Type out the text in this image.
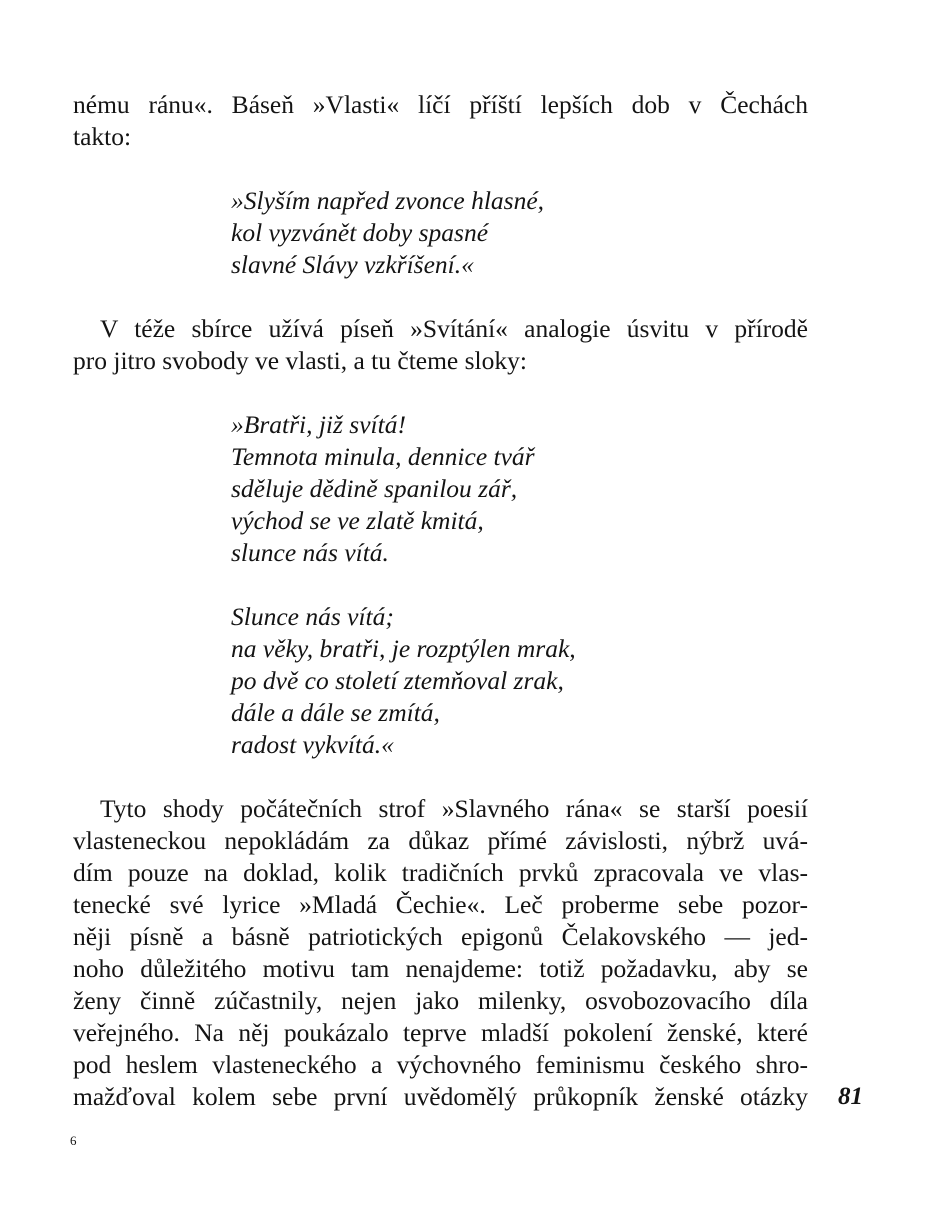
nému ránu«. Báseň »Vlasti« líčí příští lepších dob v Čechách
takto:
»Slyším napřed zvonce hlasné,
kol vyzvánět doby spasné
slavné Slávy vzkříšení.«
V téže sbírce užívá píseň »Svítání« analogie úsvitu v přírodě
pro jitro svobody ve vlasti, a tu čteme sloky:
»Bratři, již svítá!
Temnota minula, dennice tvář
sděluje dědině spanilou zář,
východ se ve zlatě kmitá,
slunce nás vítá.
Slunce nás vítá;
na věky, bratři, je rozptýlen mrak,
po dvě co století ztemňoval zrak,
dále a dále se zmítá,
radost vykvítá.«
Tyto shody počátečních strof »Slavného rána« se starší poesií
vlasteneckou nepokládám za důkaz přímé závislosti, nýbrž uvá-
dím pouze na doklad, kolik tradičních prvků zpracovala ve vlas-
tenecké své lyrice »Mladá Čechie«. Leč proberme sebe pozor-
něji písně a básně patriotických epigonů Čelakovského — jed-
noho důležitého motivu tam nenajdeme: totiž požadavku, aby se
ženy činně zúčastnily, nejen jako milenky, osvobozovacího díla
veřejného. Na něj poukázalo teprve mladší pokolení ženské, které
pod heslem vlasteneckého a výchovného feminismu českého shro-
mažďoval kolem sebe první uvědomělý průkopník ženské otázky 81
6
